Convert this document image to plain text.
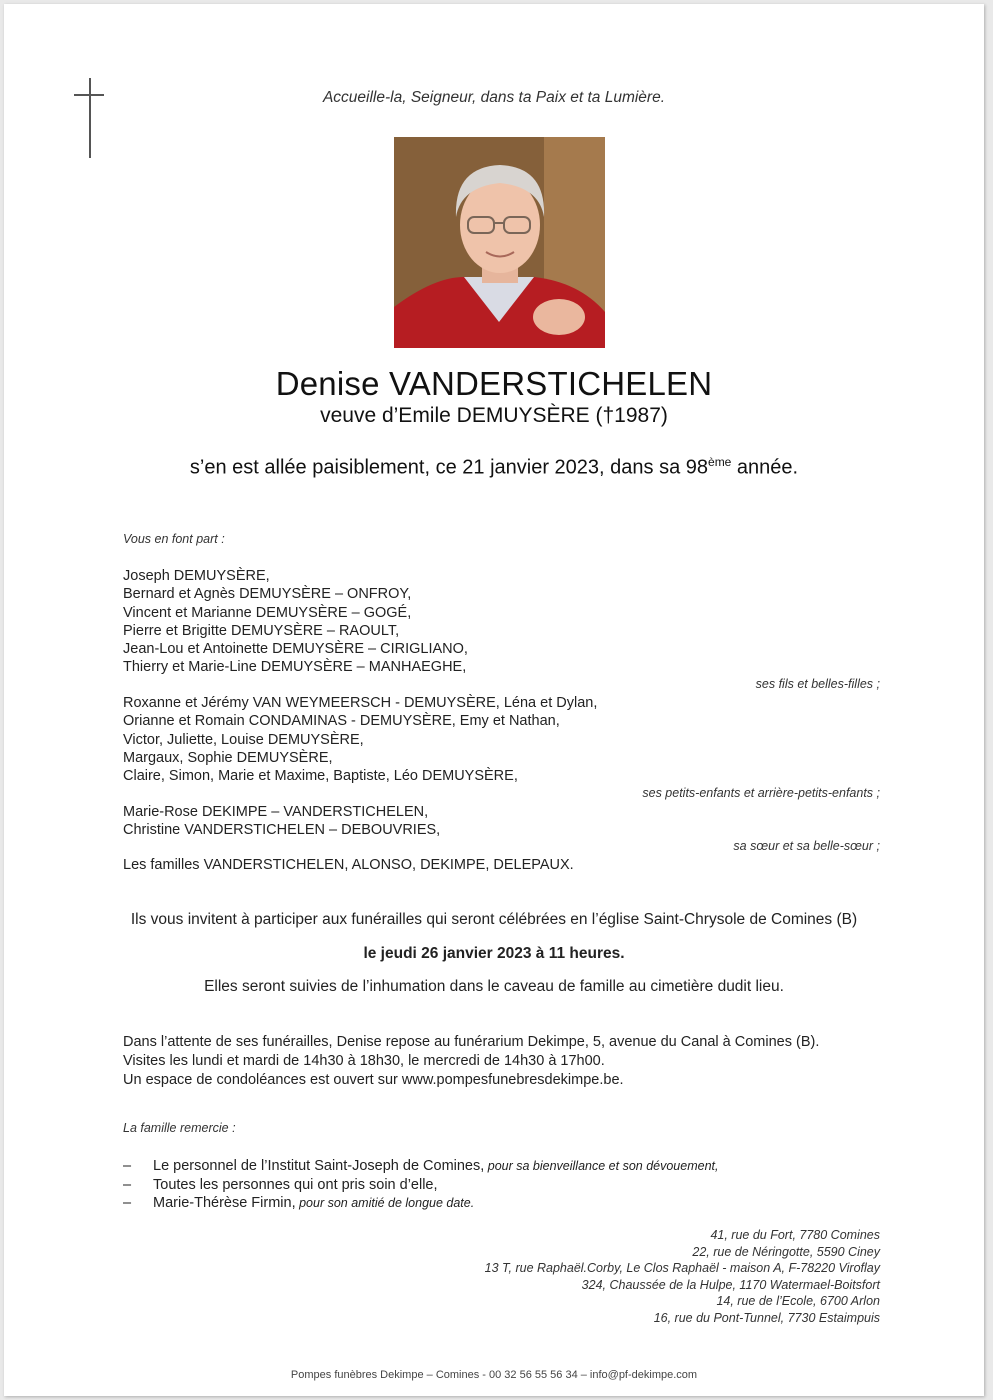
Accueille-la, Seigneur, dans ta Paix et ta Lumière.
Denise VANDERSTICHELEN
veuve d’Emile DEMUYSÈRE (†1987)
s’en est allée paisiblement, ce 21 janvier 2023, dans sa 98ème année.
Vous en font part :
Joseph DEMUYSÈRE,
Bernard et Agnès DEMUYSÈRE – ONFROY,
Vincent et Marianne DEMUYSÈRE – GOGÉ,
Pierre et Brigitte DEMUYSÈRE – RAOULT,
Jean-Lou et Antoinette DEMUYSÈRE – CIRIGLIANO,
Thierry et Marie-Line DEMUYSÈRE – MANHAEGHE,
ses fils et belles-filles ;
Roxanne et Jérémy VAN WEYMEERSCH - DEMUYSÈRE, Léna et Dylan,
Orianne et Romain CONDAMINAS - DEMUYSÈRE, Emy et Nathan,
Victor, Juliette, Louise DEMUYSÈRE,
Margaux, Sophie DEMUYSÈRE,
Claire, Simon, Marie et Maxime, Baptiste, Léo DEMUYSÈRE,
ses petits-enfants et arrière-petits-enfants ;
Marie-Rose DEKIMPE – VANDERSTICHELEN,
Christine VANDERSTICHELEN – DEBOUVRIES,
sa sœur et sa belle-sœur ;
Les familles VANDERSTICHELEN, ALONSO, DEKIMPE, DELEPAUX.
Ils vous invitent à participer aux funérailles qui seront célébrées en l’église Saint-Chrysole de Comines (B)
le jeudi 26 janvier 2023 à 11 heures.
Elles seront suivies de l’inhumation dans le caveau de famille au cimetière dudit lieu.
Dans l’attente de ses funérailles, Denise repose au funérarium Dekimpe, 5, avenue du Canal à Comines (B).
Visites les lundi et mardi de 14h30 à 18h30, le mercredi de 14h30 à 17h00.
Un espace de condoléances est ouvert sur www.pompesfunebresdekimpe.be.
La famille remercie :
–	Le personnel de l’Institut Saint-Joseph de Comines, pour sa bienveillance et son dévouement,
–	Toutes les personnes qui ont pris soin d’elle,
–	Marie-Thérèse Firmin, pour son amitié de longue date.
41, rue du Fort, 7780 Comines
22, rue de Néringotte, 5590 Ciney
13 T, rue Raphaël.Corby, Le Clos Raphaël - maison A, F-78220 Viroflay
324, Chaussée de la Hulpe, 1170 Watermael-Boitsfort
14, rue de l’Ecole, 6700 Arlon
16, rue du Pont-Tunnel, 7730 Estaimpuis
Pompes funèbres Dekimpe – Comines - 00 32 56 55 56 34 – info@pf-dekimpe.com
